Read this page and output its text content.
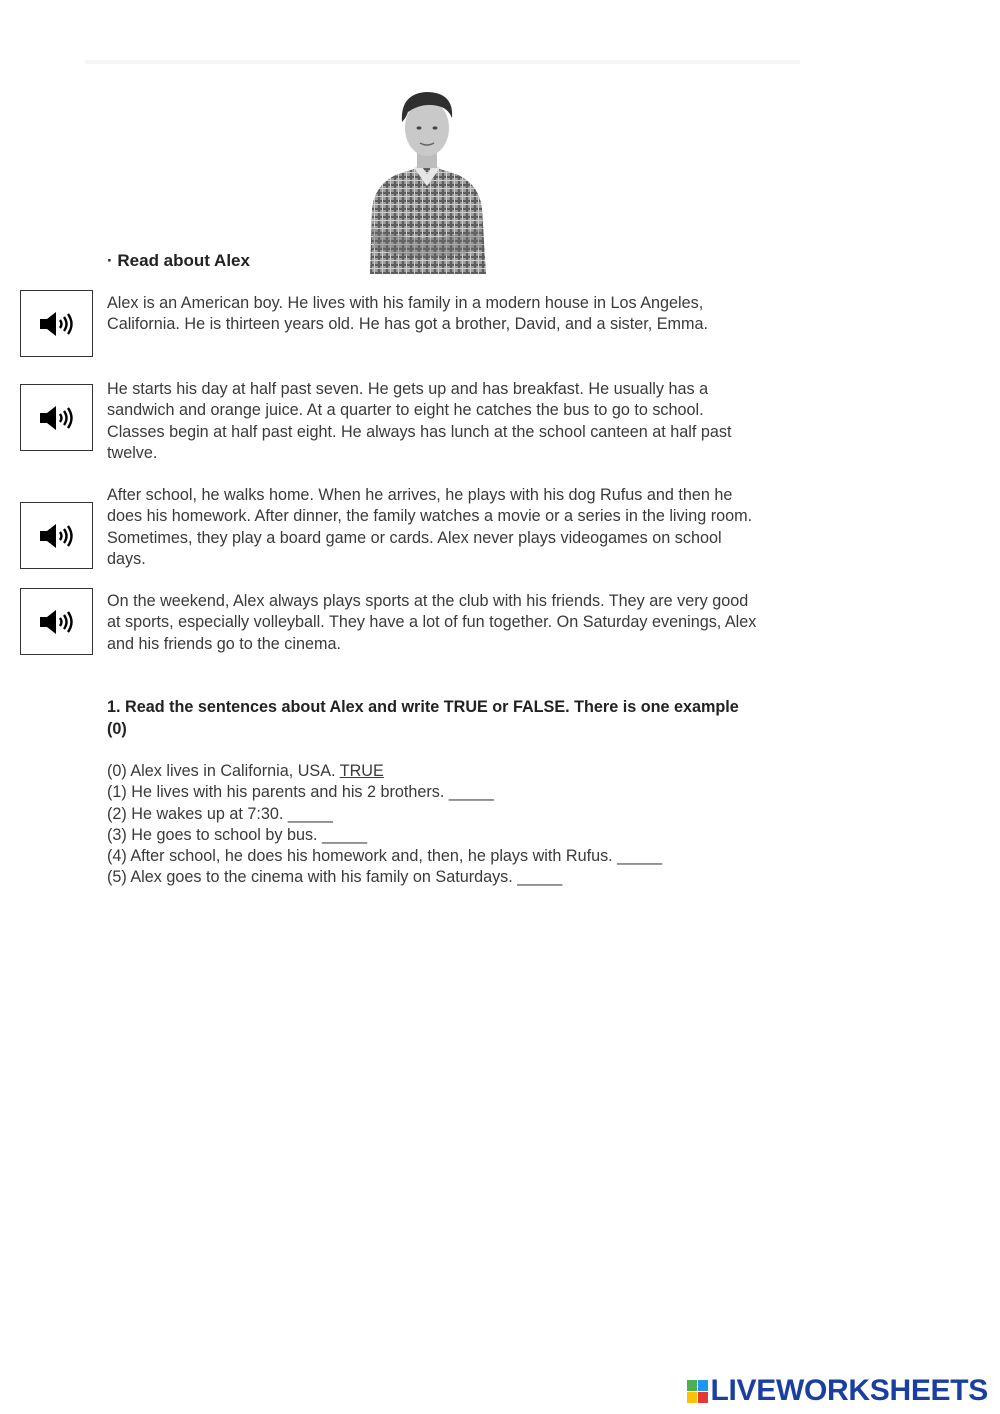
· Read about Alex

Alex is an American boy. He lives with his family in a modern house in Los Angeles, California. He is thirteen years old. He has got a brother, David, and a sister, Emma.

He starts his day at half past seven. He gets up and has breakfast. He usually has a sandwich and orange juice. At a quarter to eight he catches the bus to go to school. Classes begin at half past eight. He always has lunch at the school canteen at half past twelve.

After school, he walks home. When he arrives, he plays with his dog Rufus and then he does his homework. After dinner, the family watches a movie or a series in the living room. Sometimes, they play a board game or cards. Alex never plays videogames on school days.

On the weekend, Alex always plays sports at the club with his friends. They are very good at sports, especially volleyball. They have a lot of fun together. On Saturday evenings, Alex and his friends go to the cinema.

1. Read the sentences about Alex and write TRUE or FALSE. There is one example (0)

(0) Alex lives in California, USA. TRUE
(1) He lives with his parents and his 2 brothers. _____
(2) He wakes up at 7:30. _____
(3) He goes to school by bus. _____
(4) After school, he does his homework and, then, he plays with Rufus. _____
(5) Alex goes to the cinema with his family on Saturdays. _____
LIVEWORKSHEETS
